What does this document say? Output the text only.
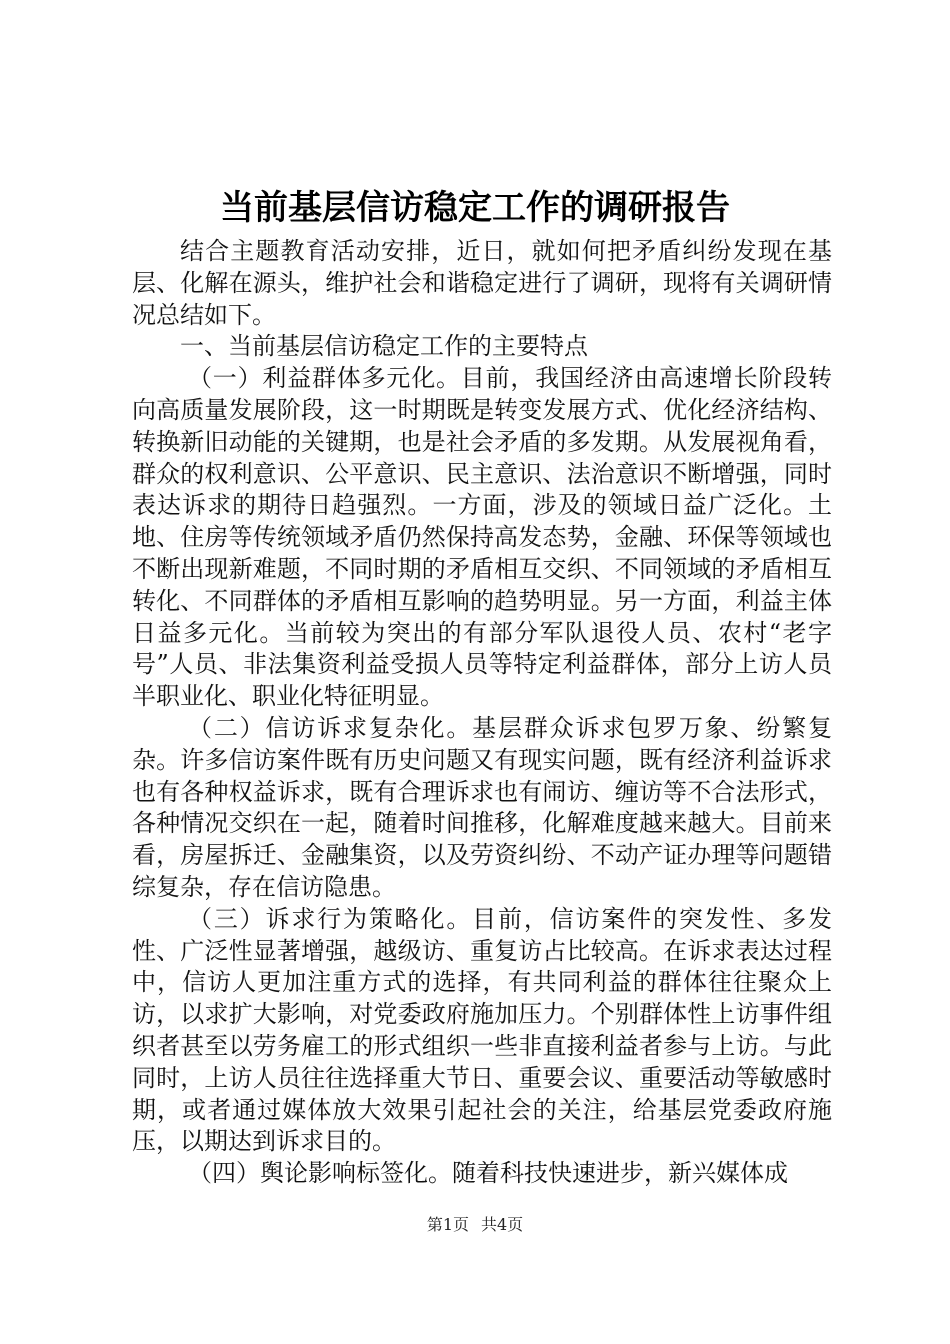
当前基层信访稳定工作的调研报告

结合主题教育活动安排，近日，就如何把矛盾纠纷发现在基层、化解在源头，维护社会和谐稳定进行了调研，现将有关调研情况总结如下。

一、当前基层信访稳定工作的主要特点

（一）利益群体多元化。目前，我国经济由高速增长阶段转向高质量发展阶段，这一时期既是转变发展方式、优化经济结构、转换新旧动能的关键期，也是社会矛盾的多发期。从发展视角看，群众的权利意识、公平意识、民主意识、法治意识不断增强，同时表达诉求的期待日趋强烈。一方面，涉及的领域日益广泛化。土地、住房等传统领域矛盾仍然保持高发态势，金融、环保等领域也不断出现新难题，不同时期的矛盾相互交织、不同领域的矛盾相互转化、不同群体的矛盾相互影响的趋势明显。另一方面，利益主体日益多元化。当前较为突出的有部分军队退役人员、农村“老字号”人员、非法集资利益受损人员等特定利益群体，部分上访人员半职业化、职业化特征明显。

（二）信访诉求复杂化。基层群众诉求包罗万象、纷繁复杂。许多信访案件既有历史问题又有现实问题，既有经济利益诉求也有各种权益诉求，既有合理诉求也有闹访、缠访等不合法形式，各种情况交织在一起，随着时间推移，化解难度越来越大。目前来看，房屋拆迁、金融集资，以及劳资纠纷、不动产证办理等问题错综复杂，存在信访隐患。

（三）诉求行为策略化。目前，信访案件的突发性、多发性、广泛性显著增强，越级访、重复访占比较高。在诉求表达过程中，信访人更加注重方式的选择，有共同利益的群体往往聚众上访，以求扩大影响，对党委政府施加压力。个别群体性上访事件组织者甚至以劳务雇工的形式组织一些非直接利益者参与上访。与此同时，上访人员往往选择重大节日、重要会议、重要活动等敏感时期，或者通过媒体放大效果引起社会的关注，给基层党委政府施压，以期达到诉求目的。

（四）舆论影响标签化。随着科技快速进步，新兴媒体成

第1页 共4页
